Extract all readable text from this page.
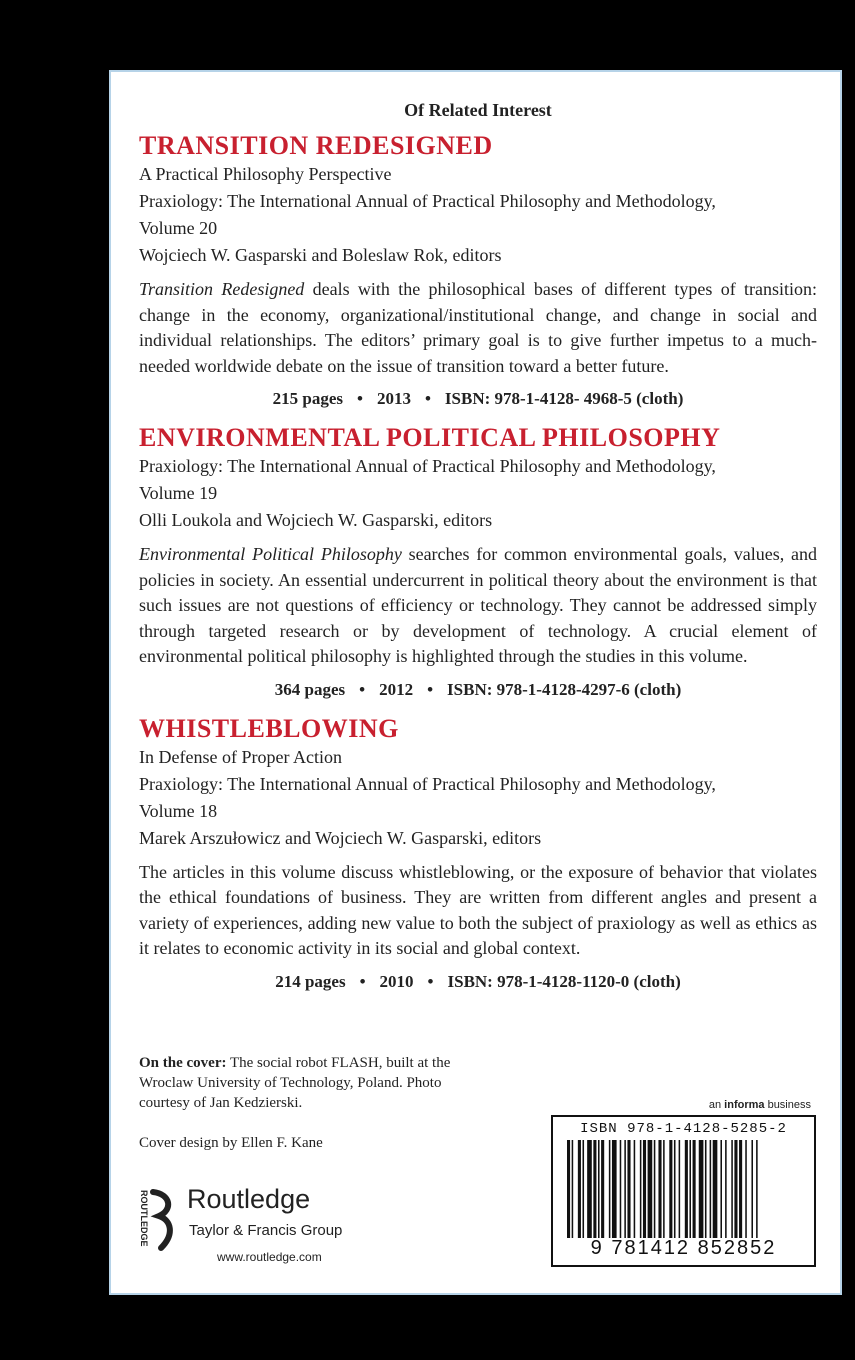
Of Related Interest

TRANSITION REDESIGNED

A Practical Philosophy Perspective

Praxiology: The International Annual of Practical Philosophy and Methodology,

Volume 20

Wojciech W. Gasparski and Boleslaw Rok, editors

Transition Redesigned deals with the philosophical bases of different types of transition: change in the economy, organizational/institutional change, and change in social and individual relationships. The editors’ primary goal is to give further impetus to a much-needed worldwide debate on the issue of transition toward a better future.

215 pages • 2013 • ISBN: 978-1-4128- 4968-5 (cloth)

ENVIRONMENTAL POLITICAL PHILOSOPHY

Praxiology: The International Annual of Practical Philosophy and Methodology,

Volume 19

Olli Loukola and Wojciech W. Gasparski, editors

Environmental Political Philosophy searches for common environmental goals, values, and policies in society. An essential undercurrent in political theory about the environment is that such issues are not questions of efficiency or technology. They cannot be addressed simply through targeted research or by development of technology. A crucial element of environmental political philosophy is highlighted through the studies in this volume.

364 pages • 2012 • ISBN: 978-1-4128-4297-6 (cloth)

WHISTLEBLOWING

In Defense of Proper Action

Praxiology: The International Annual of Practical Philosophy and Methodology,

Volume 18

Marek Arszułowicz and Wojciech W. Gasparski, editors

The articles in this volume discuss whistleblowing, or the exposure of behavior that violates the ethical foundations of business. They are written from different angles and present a variety of experiences, adding new value to both the subject of praxiology as well as ethics as it relates to economic activity in its social and global context.

214 pages • 2010 • ISBN: 978-1-4128-1120-0 (cloth)

On the cover: The social robot FLASH, built at the Wroclaw University of Technology, Poland. Photo courtesy of Jan Kedzierski.
Cover design by Ellen F. Kane
ROUTLEDGE Routledge
Taylor & Francis Group
www.routledge.com
an informa business
ISBN 978-1-4128-5285-2
9 781412 852852
